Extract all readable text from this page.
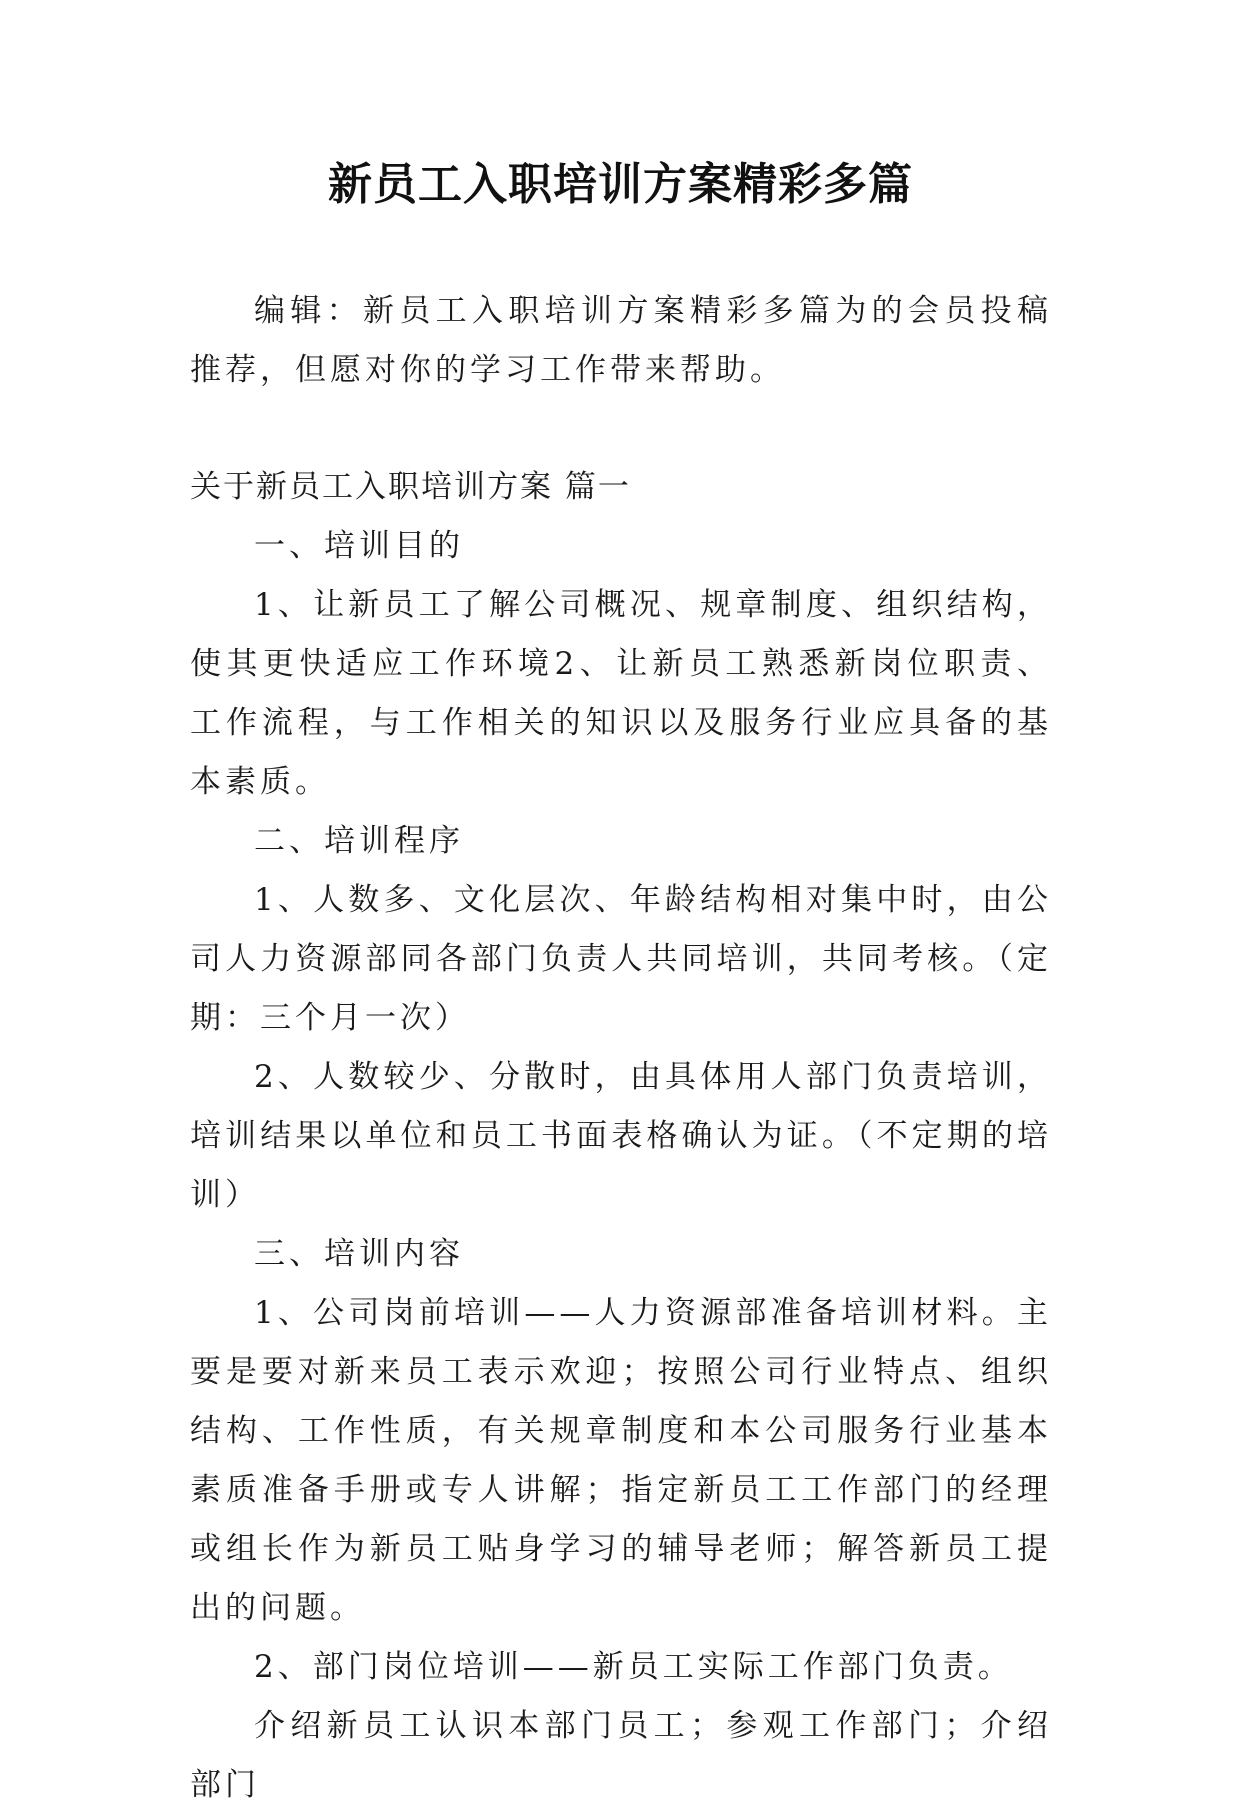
新员工入职培训方案精彩多篇

编辑：新员工入职培训方案精彩多篇为的会员投稿推荐，但愿对你的学习工作带来帮助。

关于新员工入职培训方案 篇一

一、培训目的

1、让新员工了解公司概况、规章制度、组织结构，使其更快适应工作环境2、让新员工熟悉新岗位职责、工作流程，与工作相关的知识以及服务行业应具备的基本素质。

二、培训程序

1、人数多、文化层次、年龄结构相对集中时，由公司人力资源部同各部门负责人共同培训，共同考核。（定期：三个月一次）

2、人数较少、分散时，由具体用人部门负责培训，培训结果以单位和员工书面表格确认为证。（不定期的培训）

三、培训内容

1、公司岗前培训——人力资源部准备培训材料。主要是要对新来员工表示欢迎；按照公司行业特点、组织结构、工作性质，有关规章制度和本公司服务行业基本素质准备手册或专人讲解；指定新员工工作部门的经理或组长作为新员工贴身学习的辅导老师；解答新员工提出的问题。

2、部门岗位培训——新员工实际工作部门负责。

介绍新员工认识本部门员工；参观工作部门；介绍部门
